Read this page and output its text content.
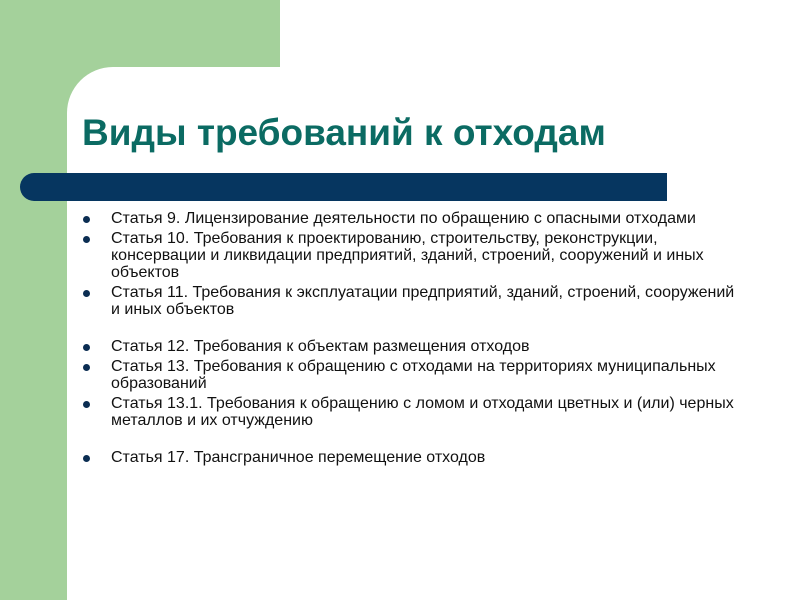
Виды требований к отходам
Статья 9. Лицензирование деятельности по обращению с опасными отходами
Статья 10. Требования к проектированию, строительству, реконструкции, консервации и ликвидации предприятий, зданий, строений, сооружений и иных объектов
Статья 11. Требования к эксплуатации предприятий, зданий, строений, сооружений и иных объектов
Статья 12. Требования к объектам размещения отходов
Статья 13. Требования к обращению с отходами на территориях муниципальных образований
Статья 13.1. Требования к обращению с ломом и отходами цветных и (или) черных металлов и их отчуждению
Статья 17. Трансграничное перемещение отходов
